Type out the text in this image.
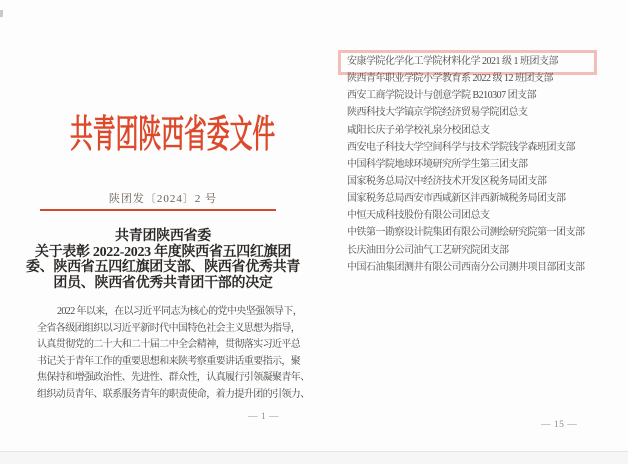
共青团陕西省委文件
陕团发〔2024〕2 号
共青团陕西省委
关于表彰 2022-2023 年度陕西省五四红旗团
委、陕西省五四红旗团支部、陕西省优秀共青
团员、陕西省优秀共青团干部的决定
2022 年以来，在以习近平同志为核心的党中央坚强领导下，
全省各级团组织以习近平新时代中国特色社会主义思想为指导，
认真贯彻党的二十大和二十届二中全会精神，贯彻落实习近平总
书记关于青年工作的重要思想和来陕考察重要讲话重要指示，聚
焦保持和增强政治性、先进性、群众性，认真履行引领凝聚青年、
组织动员青年、联系服务青年的职责使命，着力提升团的引领力、
— 1 —
安康学院化学化工学院材料化学 2021 级 1 班团支部
陕西青年职业学院小学教育系 2022 级 12 班团支部
西安工商学院设计与创意学院 B210307 团支部
陕西科技大学镐京学院经济贸易学院团总支
咸阳长庆子弟学校礼泉分校团总支
西安电子科技大学空间科学与技术学院钱学森班团支部
中国科学院地球环境研究所学生第三团支部
国家税务总局汉中经济技术开发区税务局团支部
国家税务总局西安市西咸新区沣西新城税务局团支部
中恒天成科技股份有限公司团总支
中铁第一勘察设计院集团有限公司测绘研究院第一团支部
长庆油田分公司油气工艺研究院团支部
中国石油集团测井有限公司西南分公司测井项目部团支部
— 15 —
